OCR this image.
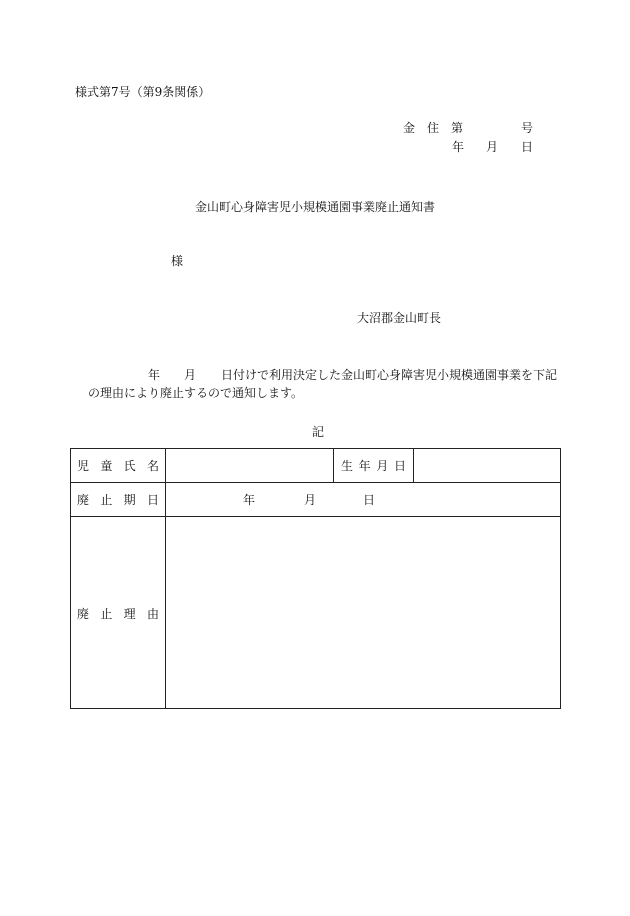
様式第7号（第9条関係）
金　住　第	号
年 月 日
金山町心身障害児小規模通園事業廃止通知書
様
大沼郡金山町長
年 月 日付けで利用決定した金山町心身障害児小規模通園事業を下記
の理由により廃止するので通知します。
記
児 童 氏 名	生 年 月 日
廃 止 期 日	年	月	日
廃 止 理 由
